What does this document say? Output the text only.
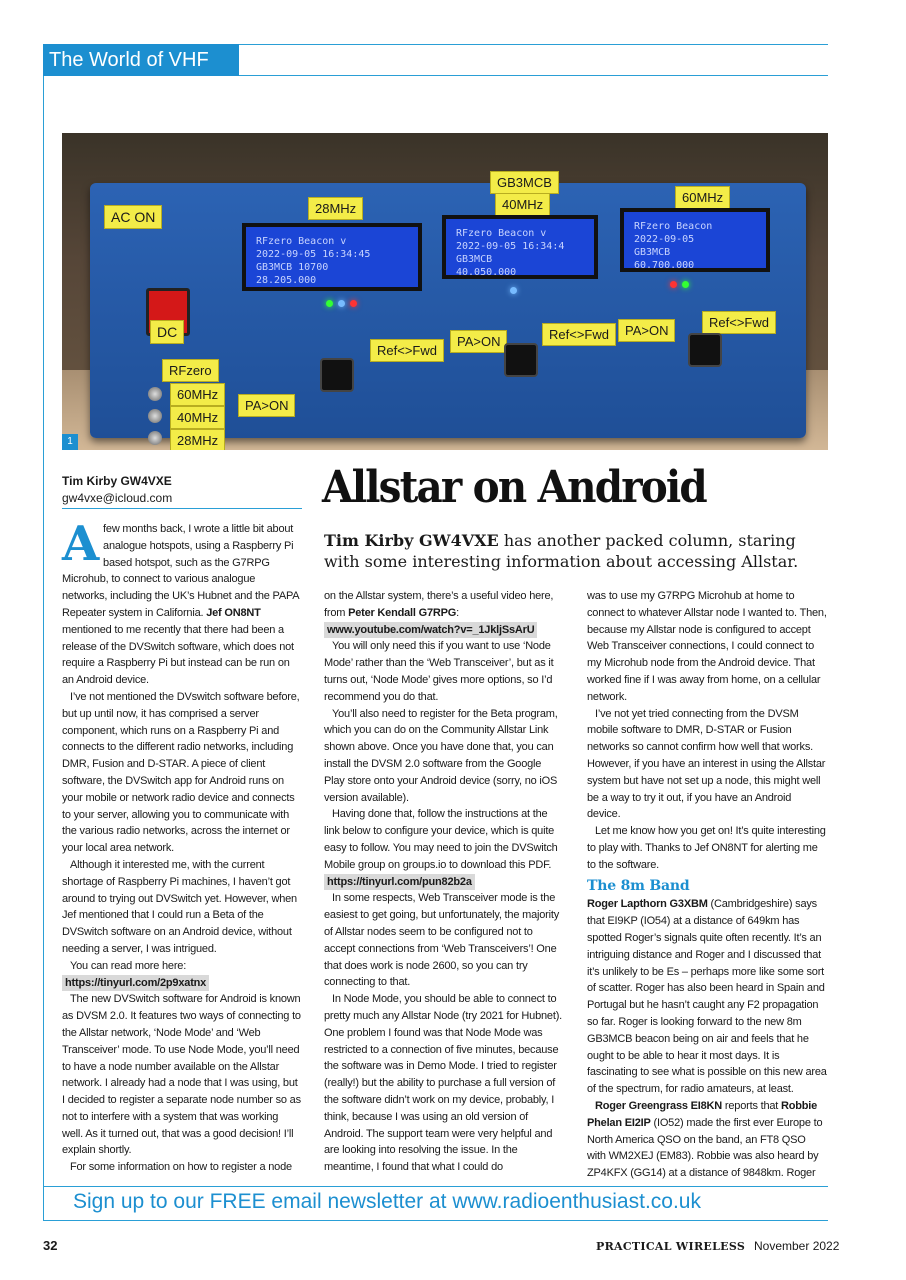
The World of VHF
AC ON
DC
RFzero
60MHz
40MHz
28MHz
PA>ON
28MHz
GB3MCB
40MHz	60MHz
RFzero Beacon v
2022-09-05 16:34:45
GB3MCB 10700
28.205.000
RFzero Beacon v
2022-09-05 16:34:4
GB3MCB
40.050.000
RFzero Beacon
2022-09-05
GB3MCB
60.700.000
Ref<>Fwd
PA>ON	Ref<>Fwd	PA>ON
Ref<>Fwd
1
Tim Kirby GW4VXE
gw4vxe@icloud.com	Allstar on Android
Tim Kirby GW4VXE has another packed column, staring with some interesting information about accessing Allstar.

Afew months back, I wrote a little bit about analogue hotspots, using a Raspberry Pi based hotspot, such as the G7RPG Microhub, to connect to various analogue networks, including the UK’s Hubnet and the PAPA Repeater system in California. Jef ON8NT mentioned to me recently that there had been a release of the DVSwitch software, which does not require a Raspberry Pi but instead can be run on an Android device.

I’ve not mentioned the DVswitch software before, but up until now, it has comprised a server component, which runs on a Raspberry Pi and connects to the different radio networks, including DMR, Fusion and D-STAR. A piece of client software, the DVSwitch app for Android runs on your mobile or network radio device and connects to your server, allowing you to communicate with the various radio networks, across the internet or your local area network.

Although it interested me, with the current shortage of Raspberry Pi machines, I haven’t got around to trying out DVSwitch yet. However, when Jef mentioned that I could run a Beta of the DVSwitch software on an Android device, without needing a server, I was intrigued.

You can read more here:

https://tinyurl.com/2p9xatnx

The new DVSwitch software for Android is known as DVSM 2.0. It features two ways of connecting to the Allstar network, ‘Node Mode’ and ‘Web Transceiver’ mode. To use Node Mode, you’ll need to have a node number available on the Allstar network. I already had a node that I was using, but I decided to register a separate node number so as not to interfere with a system that was working well. As it turned out, that was a good decision! I’ll explain shortly.

For some information on how to register a node

on the Allstar system, there’s a useful video here, from Peter Kendall G7RPG:

www.youtube.com/watch?v=_1JkljSsArU

You will only need this if you want to use ‘Node Mode’ rather than the ‘Web Transceiver’, but as it turns out, ‘Node Mode’ gives more options, so I’d recommend you do that.

You’ll also need to register for the Beta program, which you can do on the Community Allstar Link shown above. Once you have done that, you can install the DVSM 2.0 software from the Google Play store onto your Android device (sorry, no iOS version available).

Having done that, follow the instructions at the link below to configure your device, which is quite easy to follow. You may need to join the DVSwitch Mobile group on groups.io to download this PDF.

https://tinyurl.com/pun82b2a

In some respects, Web Transceiver mode is the easiest to get going, but unfortunately, the majority of Allstar nodes seem to be configured not to accept connections from ‘Web Transceivers’! One that does work is node 2600, so you can try connecting to that.

In Node Mode, you should be able to connect to pretty much any Allstar Node (try 2021 for Hubnet). One problem I found was that Node Mode was restricted to a connection of five minutes, because the software was in Demo Mode. I tried to register (really!) but the ability to purchase a full version of the software didn’t work on my device, probably, I think, because I was using an old version of Android. The support team were very helpful and are looking into resolving the issue. In the meantime, I found that what I could do

was to use my G7RPG Microhub at home to connect to whatever Allstar node I wanted to. Then, because my Allstar node is configured to accept Web Transceiver connections, I could connect to my Microhub node from the Android device. That worked fine if I was away from home, on a cellular network.

I’ve not yet tried connecting from the DVSM mobile software to DMR, D-STAR or Fusion networks so cannot confirm how well that works. However, if you have an interest in using the Allstar system but have not set up a node, this might well be a way to try it out, if you have an Android device.

Let me know how you get on! It’s quite interesting to play with. Thanks to Jef ON8NT for alerting me to the software.

The 8m Band

Roger Lapthorn G3XBM (Cambridgeshire) says that EI9KP (IO54) at a distance of 649km has spotted Roger’s signals quite often recently. It’s an intriguing distance and Roger and I discussed that it’s unlikely to be Es – perhaps more like some sort of scatter. Roger has also been heard in Spain and Portugal but he hasn’t caught any F2 propagation so far. Roger is looking forward to the new 8m GB3MCB beacon being on air and feels that he ought to be able to hear it most days. It is fascinating to see what is possible on this new area of the spectrum, for radio amateurs, at least.

Roger Greengrass EI8KN reports that Robbie Phelan EI2IP (IO52) made the first ever Europe to North America QSO on the band, an FT8 QSO with WM2XEJ (EM83). Robbie was also heard by ZP4KFX (GG14) at a distance of 9848km. Roger

Sign up to our FREE email newsletter at www.radioenthusiast.co.uk
32	PRACTICAL WIRELESS November 2022
